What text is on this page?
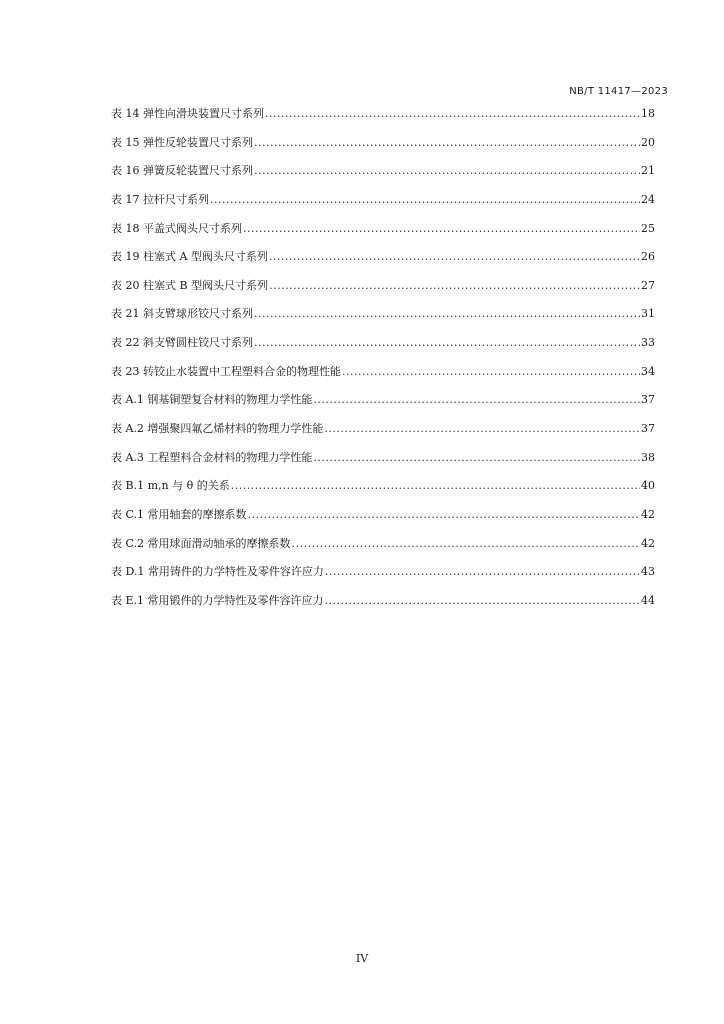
NB/T 11417—2023
表 14 弹性向滑块装置尺寸系列 .....	18
表 15 弹性反轮装置尺寸系列 .....	20
表 16 弹簧反轮装置尺寸系列 .....	21
表 17 拉杆尺寸系列 .....	24
表 18 平盖式阀头尺寸系列 .....	25
表 19 柱塞式 A 型阀头尺寸系列 .....	26
表 20 柱塞式 B 型阀头尺寸系列 .....	27
表 21 斜支臂球形铰尺寸系列 .....	31
表 22 斜支臂圆柱铰尺寸系列 .....	33
表 23 转铰止水装置中工程塑料合金的物理性能 .....	34
表 A.1 钢基铜塑复合材料的物理力学性能 .....	37
表 A.2 增强聚四氟乙烯材料的物理力学性能 .....	37
表 A.3 工程塑料合金材料的物理力学性能 .....	38
表 B.1 m,n 与 θ 的关系 .....	40
表 C.1 常用轴套的摩擦系数 .....	42
表 C.2 常用球面滑动轴承的摩擦系数 .....	42
表 D.1 常用铸件的力学特性及零件容许应力 .....	43
表 E.1 常用锻件的力学特性及零件容许应力 .....	44
IV
